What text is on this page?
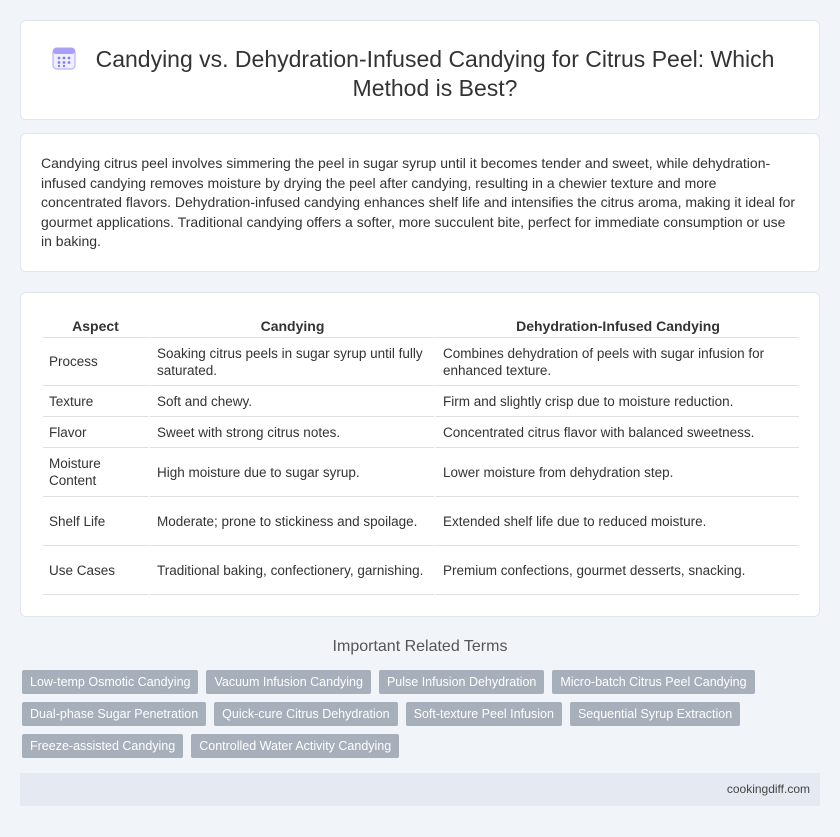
Candying vs. Dehydration-Infused Candying for Citrus Peel: Which Method is Best?

Candying citrus peel involves simmering the peel in sugar syrup until it becomes tender and sweet, while dehydration-infused candying removes moisture by drying the peel after candying, resulting in a chewier texture and more concentrated flavors. Dehydration-infused candying enhances shelf life and intensifies the citrus aroma, making it ideal for gourmet applications. Traditional candying offers a softer, more succulent bite, perfect for immediate consumption or use in baking.

Aspect	Candying	Dehydration-Infused Candying
Process	Soaking citrus peels in sugar syrup until fully saturated.	Combines dehydration of peels with sugar infusion for enhanced texture.
Texture	Soft and chewy.	Firm and slightly crisp due to moisture reduction.
Flavor	Sweet with strong citrus notes.	Concentrated citrus flavor with balanced sweetness.
Moisture Content	High moisture due to sugar syrup.	Lower moisture from dehydration step.
Shelf Life	Moderate; prone to stickiness and spoilage.	Extended shelf life due to reduced moisture.
Use Cases	Traditional baking, confectionery, garnishing.	Premium confections, gourmet desserts, snacking.
Important Related Terms
Low-temp Osmotic Candying	Vacuum Infusion Candying	Pulse Infusion Dehydration	Micro-batch Citrus Peel Candying
Dual-phase Sugar Penetration	Quick-cure Citrus Dehydration	Soft-texture Peel Infusion	Sequential Syrup Extraction
Freeze-assisted Candying	Controlled Water Activity Candying
cookingdiff.com
